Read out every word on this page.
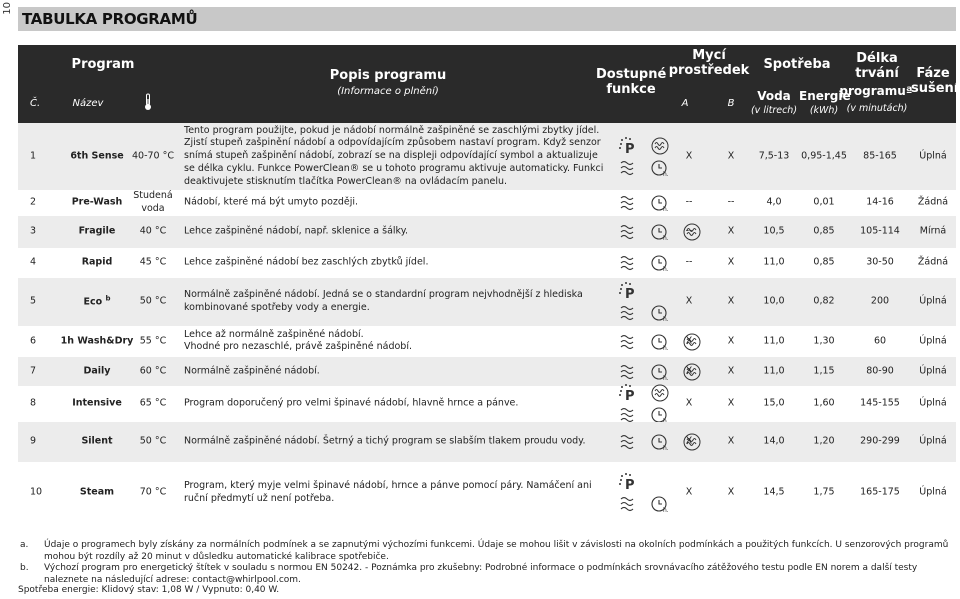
10
TABULKA PROGRAMŮ
Program
Č.	Název
Popis programu
(Informace o plnění)
Dostupné funkce
Mycí prostředek
A	B
Spotřeba
Voda
(v litrech)
Energie
(kWh)
Délka trvání
programuª
(v minutách)
Fáze sušení
1	6th Sense 40-70 °C
Tento program použijte, pokud je nádobí normálně zašpiněné se zaschlými zbytky jídel.
Zjistí stupeň zašpinění nádobí a odpovídajícím způsobem nastaví program. Když senzor snímá stupeň zašpinění nádobí, zobrazí se na displeji odpovídající symbol a aktualizuje se délka cyklu. Funkce PowerClean® se u tohoto programu aktivuje automaticky. Funkci deaktivujete stisknutím tlačítka PowerClean® na ovládacím panelu.
P
h.
X	X	7,5-13	0,95-1,45	85-165	Úplná
2	Pre-Wash
Studená voda
Nádobí, které má být umyto později.
h.
--	--	4,0	0,01	14-16	Žádná
3	Fragile	40 °C	Lehce zašpiněné nádobí, např. sklenice a šálky.
h.
--	X	10,5	0,85	105-114	Mírná
4	Rapid	45 °C	Lehce zašpiněné nádobí bez zaschlých zbytků jídel.
h.
--	X	11,0	0,85	30-50	Žádná
5	Eco $^b$	50 °C
Normálně zašpiněné nádobí. Jedná se o standardní program nejvhodnější z hlediska kombinované spotřeby vody a energie.
P
h.
X	X	10,0	0,82	200	Úplná
6	1h Wash&Dry 55 °C
Lehce až normálně zašpiněné nádobí.
Vhodné pro nezaschlé, právě zašpiněné nádobí.	h.
X	X	11,0	1,30	60	Úplná
7	Daily	60 °C	Normálně zašpiněné nádobí.
h.
X	X	11,0	1,15	80-90	Úplná
8	Intensive	65 °C	Program doporučený pro velmi špinavé nádobí, hlavně hrnce a pánve.	P	X	X	15,0	1,60	145-155	Úplná
9	Silent	50 °C	Normálně zašpiněné nádobí. Šetrný a tichý program se slabším tlakem proudu vody.
h.
X	X	14,0	1,20	290-299	Úplná
10	Steam	70 °C
Program, který myje velmi špinavé nádobí, hrnce a pánve pomocí páry. Namáčení ani ruční předmytí už není potřeba.
P
h.
X	X	14,5	1,75	165-175	Úplná
a. Údaje o programech byly získány za normálních podmínek a se zapnutými výchozími funkcemi. Údaje se mohou lišit v závislosti na okolních podmínkách a použitých funkcích. U senzorových programů mohou být rozdíly až 20 minut v důsledku automatické kalibrace spotřebiče.
b. Výchozí program pro energetický štítek v souladu s normou EN 50242. - Poznámka pro zkušebny: Podrobné informace o podmínkách srovnávacího zátěžového testu podle EN norem a další testy naleznete na následující adrese: contact@whirlpool.com.
Spotřeba energie: Klidový stav: 1,08 W / Vypnuto: 0,40 W.
